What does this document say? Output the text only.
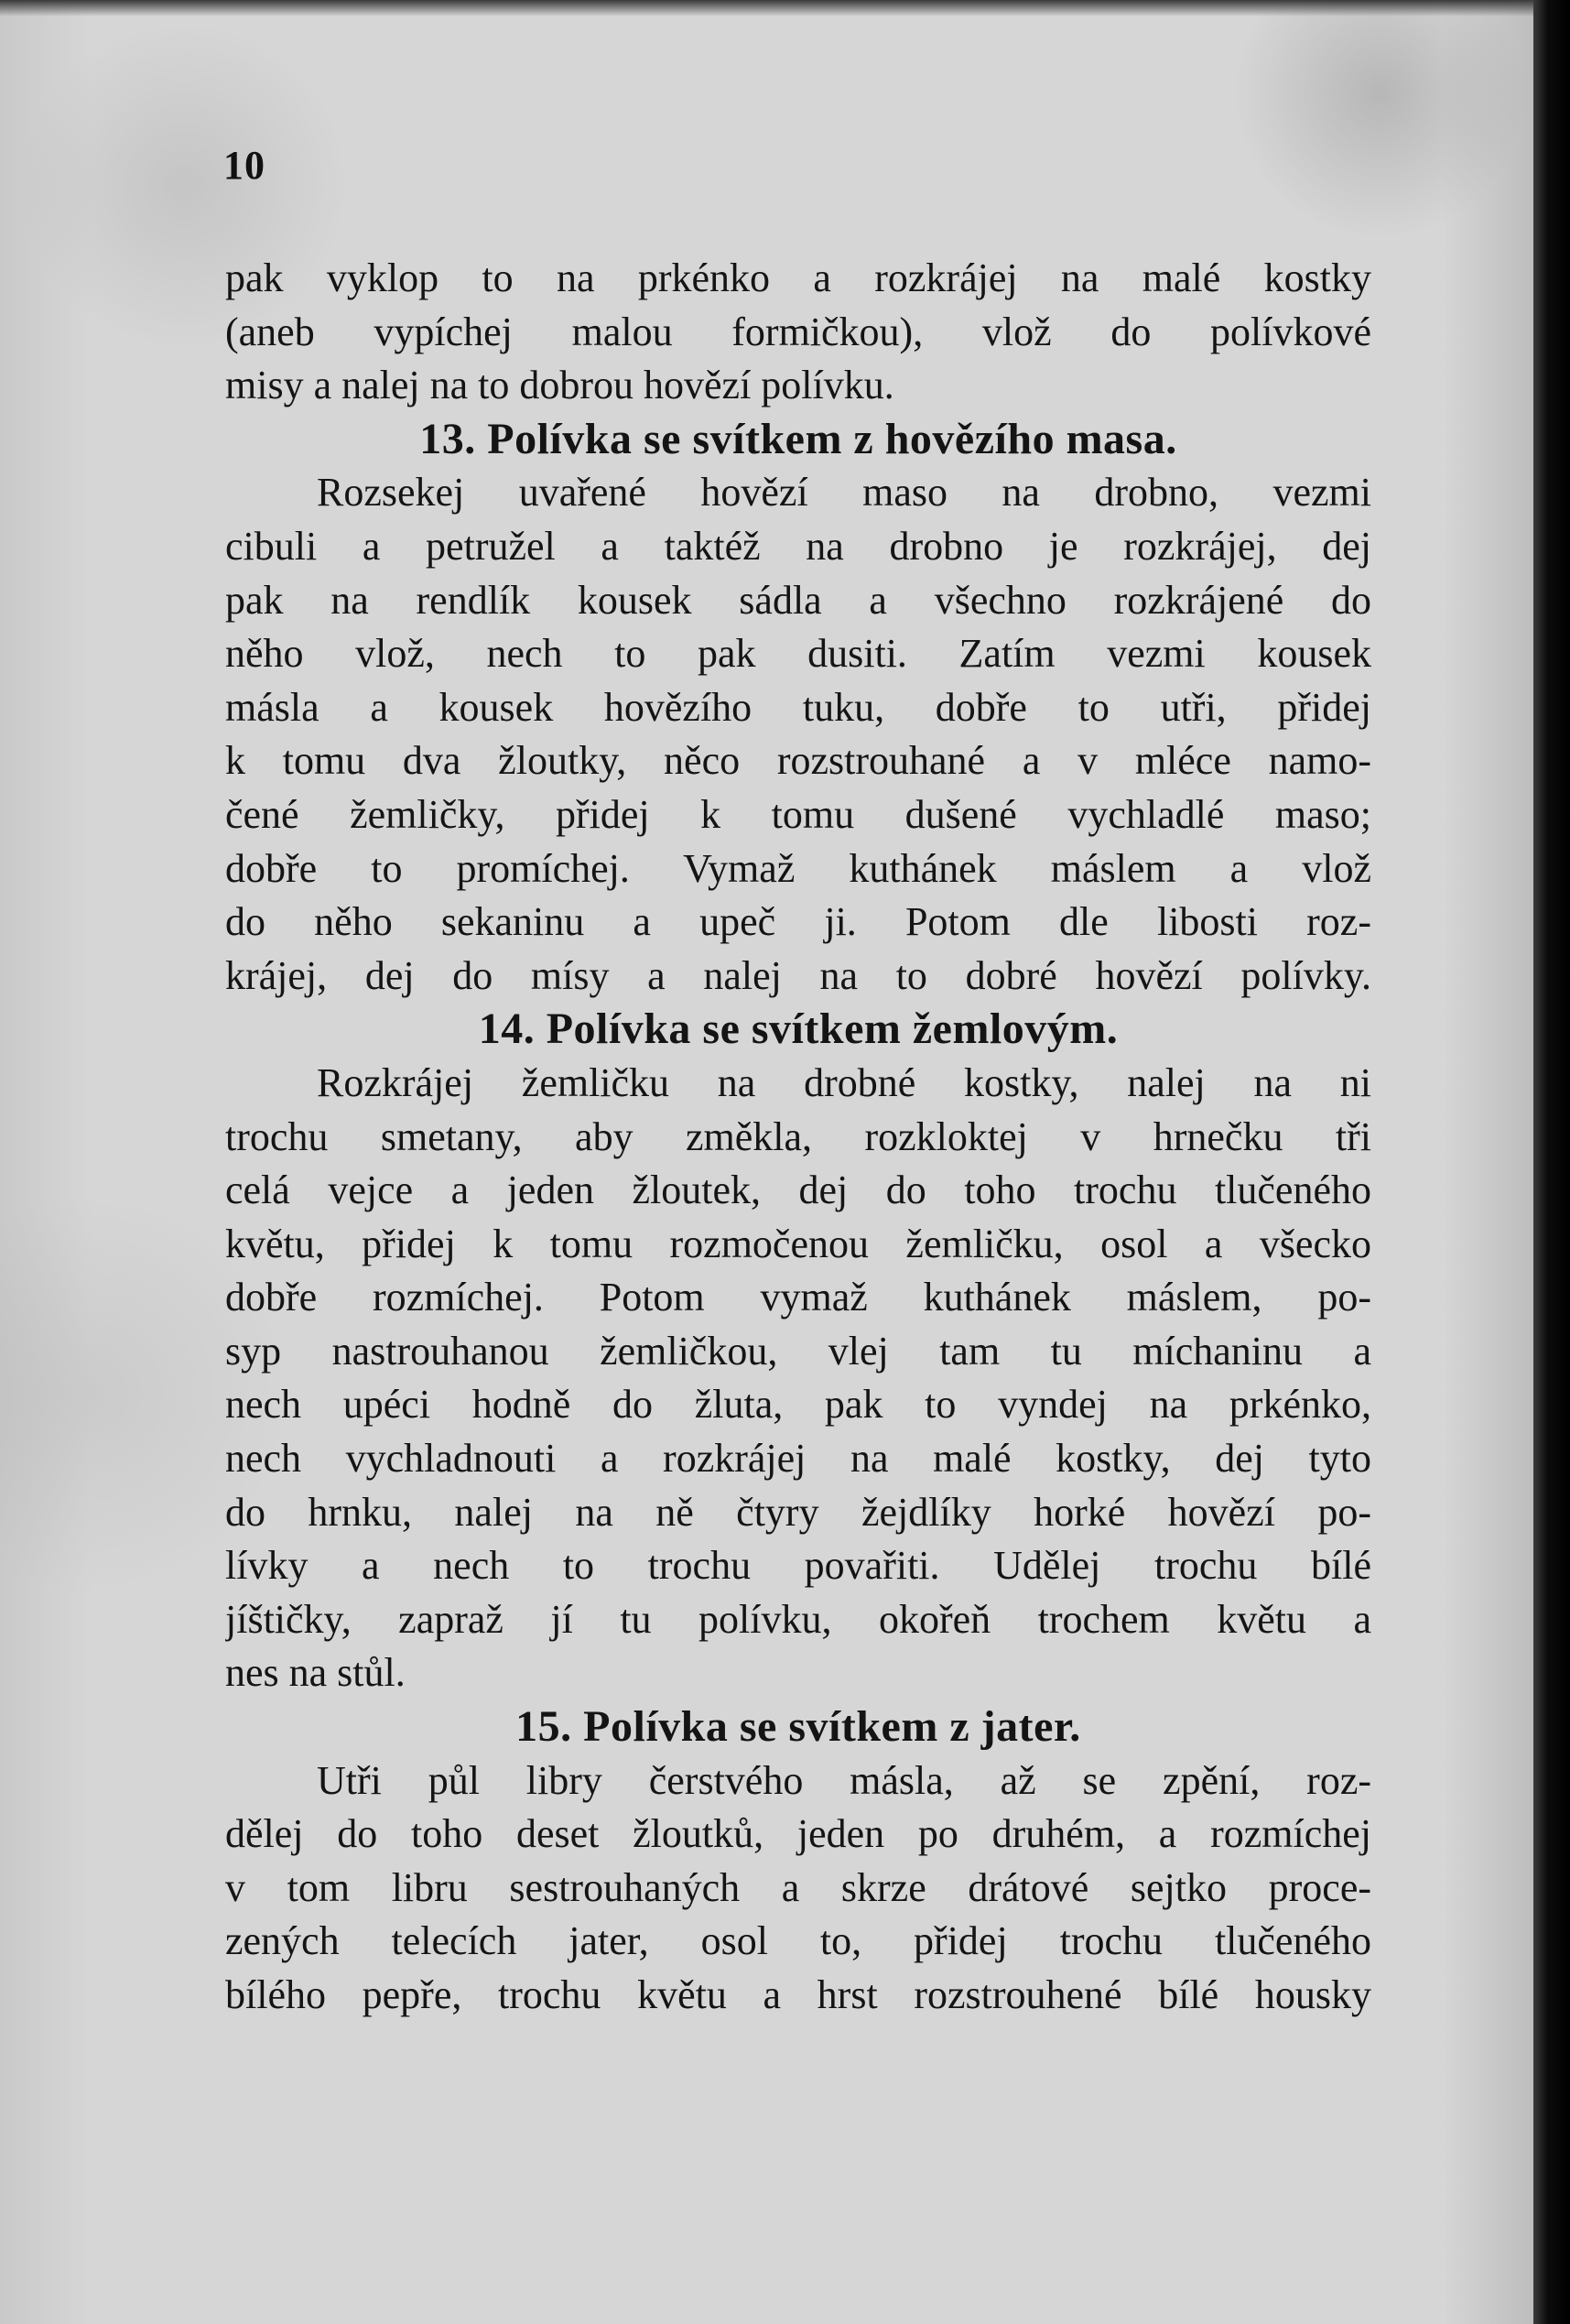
10
pak vyklop to na prkénko a rozkrájej na malé kostky
(aneb vypíchej malou formičkou), vlož do polívkové
misy a nalej na to dobrou hovězí polívku.
13. Polívka se svítkem z hovězího masa.
Rozsekej uvařené hovězí maso na drobno, vezmi
cibuli a petružel a taktéž na drobno je rozkrájej, dej
pak na rendlík kousek sádla a všechno rozkrájené do
něho vlož, nech to pak dusiti. Zatím vezmi kousek
másla a kousek hovězího tuku, dobře to utři, přidej
k tomu dva žloutky, něco rozstrouhané a v mléce namo-
čené žemličky, přidej k tomu dušené vychladlé maso;
dobře to promíchej. Vymaž kuthánek máslem a vlož
do něho sekaninu a upeč ji. Potom dle libosti roz-
krájej, dej do mísy a nalej na to dobré hovězí polívky.
14. Polívka se svítkem žemlovým.
Rozkrájej žemličku na drobné kostky, nalej na ni
trochu smetany, aby změkla, rozkloktej v hrnečku tři
celá vejce a jeden žloutek, dej do toho trochu tlučeného
květu, přidej k tomu rozmočenou žemličku, osol a všecko
dobře rozmíchej. Potom vymaž kuthánek máslem, po-
syp nastrouhanou žemličkou, vlej tam tu míchaninu a
nech upéci hodně do žluta, pak to vyndej na prkénko,
nech vychladnouti a rozkrájej na malé kostky, dej tyto
do hrnku, nalej na ně čtyry žejdlíky horké hovězí po-
lívky a nech to trochu povařiti. Udělej trochu bílé
jíštičky, zapraž jí tu polívku, okořeň trochem květu a
nes na stůl.
15. Polívka se svítkem z jater.
Utři půl libry čerstvého másla, až se zpění, roz-
dělej do toho deset žloutků, jeden po druhém, a rozmíchej
v tom libru sestrouhaných a skrze drátové sejtko proce-
zených telecích jater, osol to, přidej trochu tlučeného
bílého pepře, trochu květu a hrst rozstrouhené bílé housky
